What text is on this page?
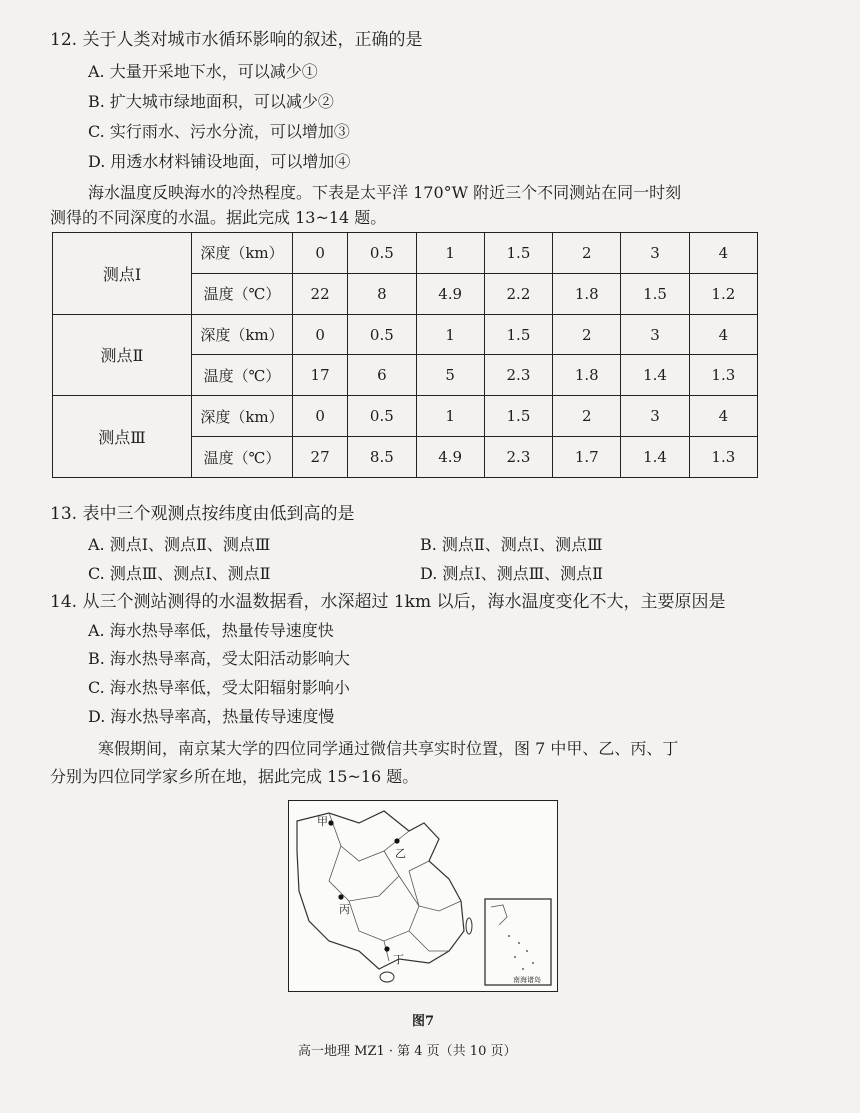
12. 关于人类对城市水循环影响的叙述，正确的是
A. 大量开采地下水，可以减少①
B. 扩大城市绿地面积，可以减少②
C. 实行雨水、污水分流，可以增加③
D. 用透水材料铺设地面，可以增加④
海水温度反映海水的冷热程度。下表是太平洋 170°W 附近三个不同测站在同一时刻
测得的不同深度的水温。据此完成 13~14 题。
测点Ⅰ	深度（km）	0	0.5	1	1.5	2	3	4
	温度（℃）	22	8	4.9	2.2	1.8	1.5	1.2
测点Ⅱ	深度（km）	0	0.5	1	1.5	2	3	4
	温度（℃）	17	6	5	2.3	1.8	1.4	1.3
测点Ⅲ	深度（km）	0	0.5	1	1.5	2	3	4
	温度（℃）	27	8.5	4.9	2.3	1.7	1.4	1.3
13. 表中三个观测点按纬度由低到高的是
A. 测点Ⅰ、测点Ⅱ、测点Ⅲ	B. 测点Ⅱ、测点Ⅰ、测点Ⅲ
C. 测点Ⅲ、测点Ⅰ、测点Ⅱ	D. 测点Ⅰ、测点Ⅲ、测点Ⅱ
14. 从三个测站测得的水温数据看，水深超过 1km 以后，海水温度变化不大，主要原因是
A. 海水热导率低，热量传导速度快
B. 海水热导率高，受太阳活动影响大
C. 海水热导率低，受太阳辐射影响小
D. 海水热导率高，热量传导速度慢
寒假期间，南京某大学的四位同学通过微信共享实时位置，图 7 中甲、乙、丙、丁
分别为四位同学家乡所在地，据此完成 15~16 题。
甲
乙
丙
丁
南海诸岛
图7
高一地理 MZ1 · 第 4 页（共 10 页）
